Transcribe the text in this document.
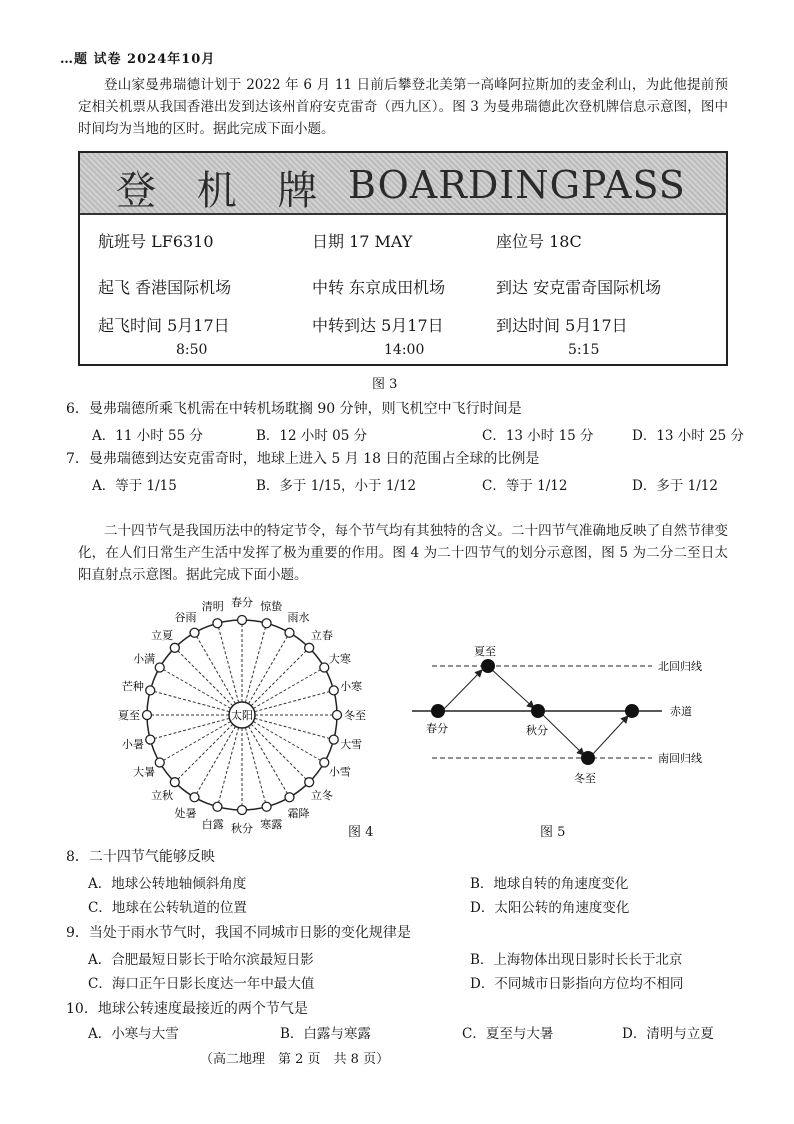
…题 试卷 2024年10月
登山家曼弗瑞德计划于 2022 年 6 月 11 日前后攀登北美第一高峰阿拉斯加的麦金利山，为此他提前预定相关机票从我国香港出发到达该州首府安克雷奇（西九区）。图 3 为曼弗瑞德此次登机牌信息示意图，图中时间均为当地的区时。据此完成下面小题。
登 机 牌 BOARDINGPASS
航班号 LF6310	日期 17 MAY	座位号 18C
起飞 香港国际机场	中转 东京成田机场	到达 安克雷奇国际机场
起飞时间 5月17日	中转到达 5月17日	到达时间 5月17日
8:50	14:00	5:15
图 3
6．曼弗瑞德所乘飞机需在中转机场耽搁 90 分钟，则飞机空中飞行时间是
A．11 小时 55 分	B．12 小时 05 分	C．13 小时 15 分	D．13 小时 25 分
7．曼弗瑞德到达安克雷奇时，地球上进入 5 月 18 日的范围占全球的比例是
A．等于 1/15	B．多于 1/15，小于 1/12	C．等于 1/12	D．多于 1/12
二十四节气是我国历法中的特定节令，每个节气均有其独特的含义。二十四节气准确地反映了自然节律变化，在人们日常生产生活中发挥了极为重要的作用。图 4 为二十四节气的划分示意图，图 5 为二分二至日太阳直射点示意图。据此完成下面小题。
太阳
春分 惊蛰
雨水
立春
大寒
小寒
冬至
大雪
小雪
立冬
霜降
寒露
秋分
白露
处暑
立秋
大暑
小暑
夏至
芒种
小满
立夏
谷雨
清明
图 4
夏至
春分	秋分
冬至
北回归线
赤道
南回归线
图 5
8．二十四节气能够反映
A．地球公转地轴倾斜角度	B．地球自转的角速度变化
C．地球在公转轨道的位置	D．太阳公转的角速度变化
9．当处于雨水节气时，我国不同城市日影的变化规律是
A．合肥最短日影长于哈尔滨最短日影	B．上海物体出现日影时长长于北京
C．海口正午日影长度达一年中最大值	D．不同城市日影指向方位均不相同
10．地球公转速度最接近的两个节气是
A．小寒与大雪	B．白露与寒露	C．夏至与大暑	D．清明与立夏
（高二地理　第 2 页　共 8 页）
